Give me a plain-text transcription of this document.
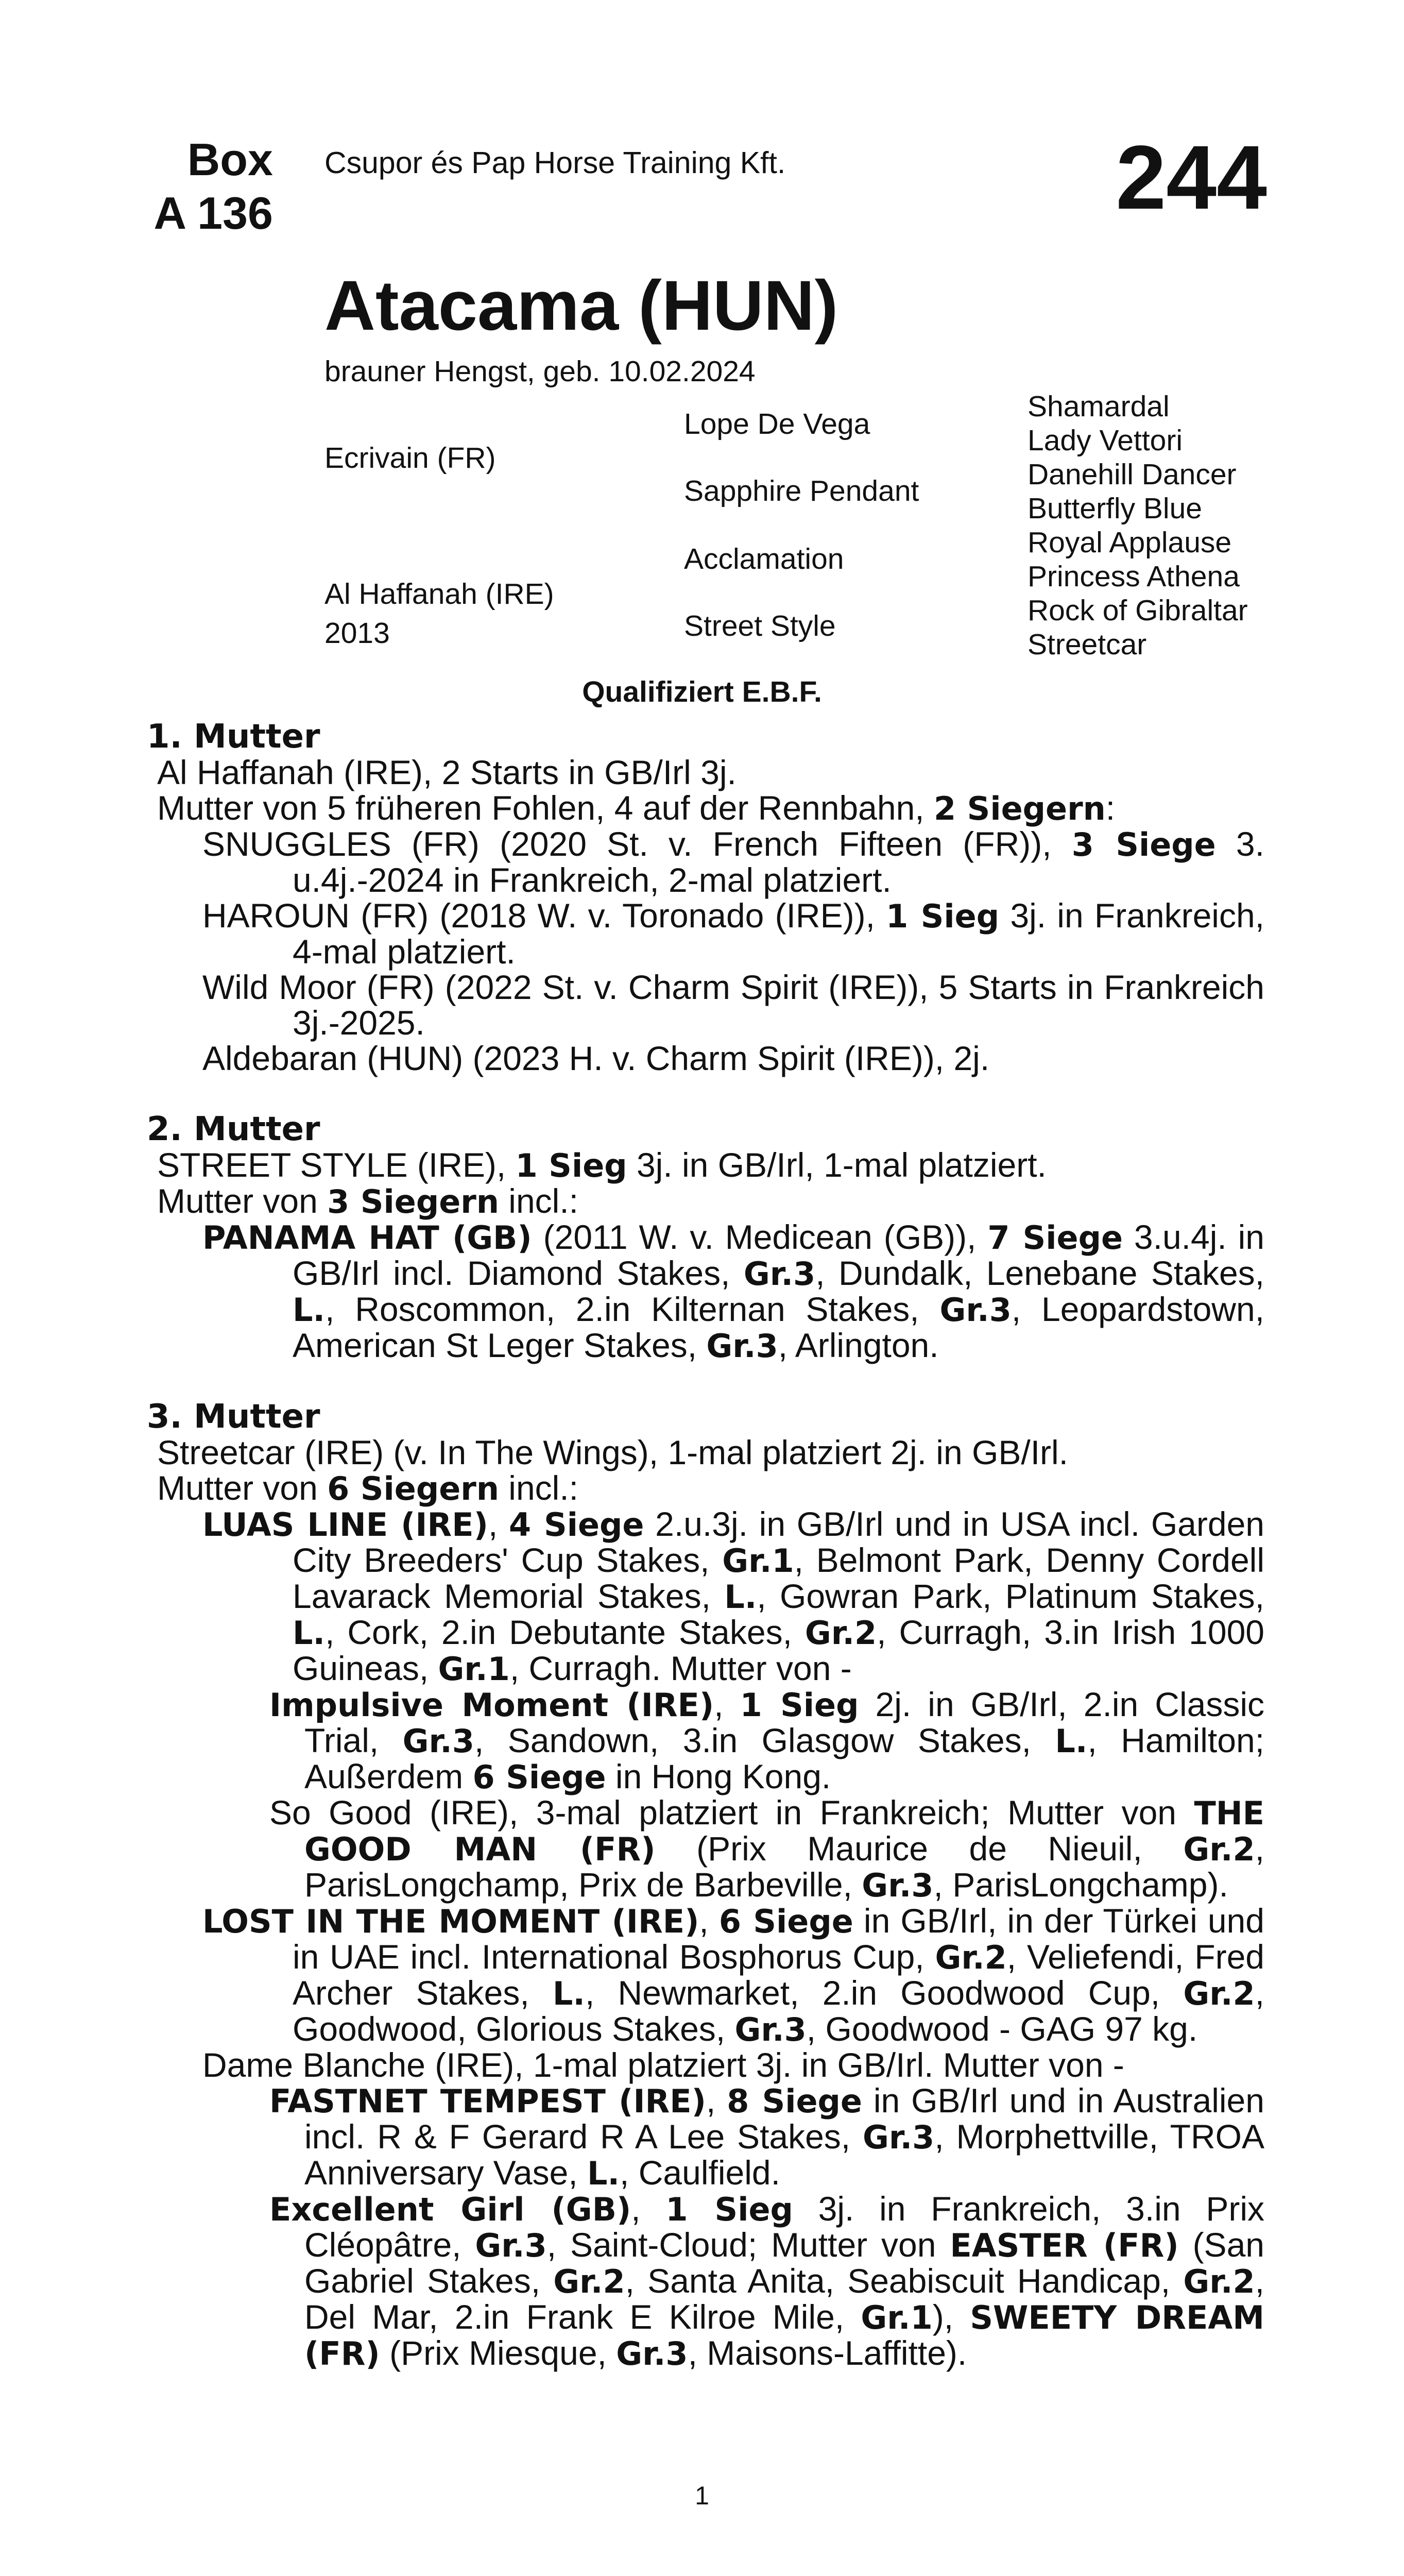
Box
A 136
Csupor és Pap Horse Training Kft.	244
Atacama (HUN)
brauner Hengst, geb. 10.02.2024
Ecrivain (FR)
Al Haffanah (IRE)
2013
Lope De Vega
Sapphire Pendant
Acclamation
Street Style
Shamardal
Lady Vettori
Danehill Dancer
Butterfly Blue
Royal Applause
Princess Athena
Rock of Gibraltar
Streetcar
Qualifiziert E.B.F.
1. Mutter
Al Haffanah (IRE), 2 Starts in GB/Irl 3j.
Mutter von 5 früheren Fohlen, 4 auf der Rennbahn, 2 Siegern:
SNUGGLES (FR) (2020 St. v. French Fifteen (FR)), 3 Siege 3. u.4j.-2024 in Frankreich, 2-mal platziert.
HAROUN (FR) (2018 W. v. Toronado (IRE)), 1 Sieg 3j. in Frankreich, 4-mal platziert.
Wild Moor (FR) (2022 St. v. Charm Spirit (IRE)), 5 Starts in Frankreich 3j.-2025.
Aldebaran (HUN) (2023 H. v. Charm Spirit (IRE)), 2j.
2. Mutter
STREET STYLE (IRE), 1 Sieg 3j. in GB/Irl, 1-mal platziert.
Mutter von 3 Siegern incl.:
PANAMA HAT (GB) (2011 W. v. Medicean (GB)), 7 Siege 3.u.4j. in GB/Irl incl. Diamond Stakes, Gr.3, Dundalk, Lenebane Stakes, L., Roscommon, 2.in Kilternan Stakes, Gr.3, Leopardstown, American St Leger Stakes, Gr.3, Arlington.
3. Mutter
Streetcar (IRE) (v. In The Wings), 1-mal platziert 2j. in GB/Irl.
Mutter von 6 Siegern incl.:
LUAS LINE (IRE), 4 Siege 2.u.3j. in GB/Irl und in USA incl. Garden City Breeders' Cup Stakes, Gr.1, Belmont Park, Denny Cordell Lavarack Memorial Stakes, L., Gowran Park, Platinum Stakes, L., Cork, 2.in Debutante Stakes, Gr.2, Curragh, 3.in Irish 1000 Guineas, Gr.1, Curragh. Mutter von -
Impulsive Moment (IRE), 1 Sieg 2j. in GB/Irl, 2.in Classic Trial, Gr.3, Sandown, 3.in Glasgow Stakes, L., Hamilton; Außerdem 6 Siege in Hong Kong.
So Good (IRE), 3-mal platziert in Frankreich; Mutter von THE GOOD MAN (FR) (Prix Maurice de Nieuil, Gr.2, ParisLongchamp, Prix de Barbeville, Gr.3, ParisLongchamp).
LOST IN THE MOMENT (IRE), 6 Siege in GB/Irl, in der Türkei und in UAE incl. International Bosphorus Cup, Gr.2, Veliefendi, Fred Archer Stakes, L., Newmarket, 2.in Goodwood Cup, Gr.2, Goodwood, Glorious Stakes, Gr.3, Goodwood - GAG 97 kg.
Dame Blanche (IRE), 1-mal platziert 3j. in GB/Irl. Mutter von -
FASTNET TEMPEST (IRE), 8 Siege in GB/Irl und in Australien incl. R & F Gerard R A Lee Stakes, Gr.3, Morphettville, TROA Anniversary Vase, L., Caulfield.
Excellent Girl (GB), 1 Sieg 3j. in Frankreich, 3.in Prix Cléopâtre, Gr.3, Saint-Cloud; Mutter von EASTER (FR) (San Gabriel Stakes, Gr.2, Santa Anita, Seabiscuit Handicap, Gr.2, Del Mar, 2.in Frank E Kilroe Mile, Gr.1), SWEETY DREAM (FR) (Prix Miesque, Gr.3, Maisons-Laffitte).
1
